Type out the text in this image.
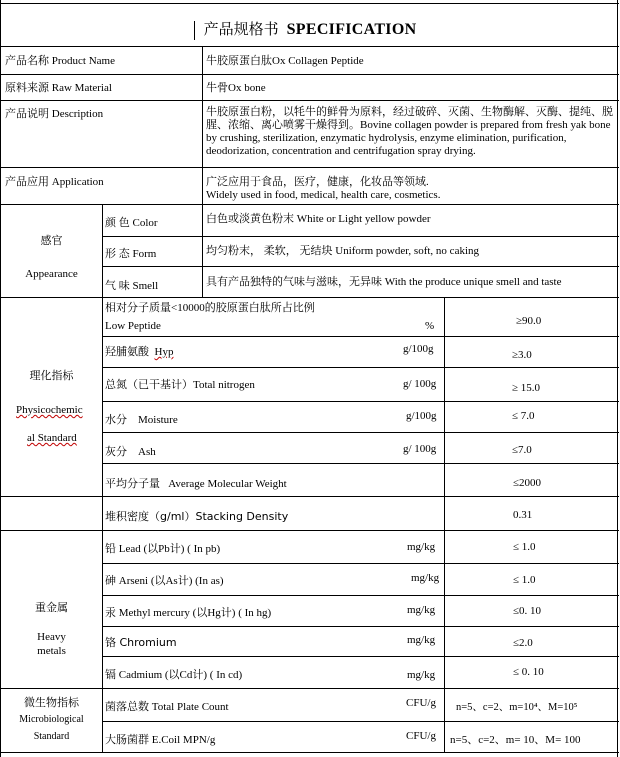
产品规格书 SPECIFICATION
产品名称 Product Name	牛胶原蛋白肽Ox Collagen Peptide
原料来源 Raw Material	牛骨Ox bone
产品说明 Description	牛胶原蛋白粉，以牦牛的鲜骨为原料，经过破碎、灭菌、生物酶解、灭酶、提纯、脱腥、浓缩、离心喷雾干燥得到。Bovine collagen powder is prepared from fresh yak bone by crushing, sterilization, enzymatic hydrolysis, enzyme elimination, purification, deodorization, concentration and centrifugation spray drying.
产品应用 Application	广泛应用于食品，医疗，健康，化妆品等领域.
Widely used in food, medical, health care, cosmetics.
感官
Appearance
颜 色 Color	白色或淡黄色粉末 White or Light yellow powder
形 态 Form	均匀粉末， 柔软， 无结块 Uniform powder, soft, no caking
气 味 Smell	具有产品独特的气味与滋味，无异味 With the produce unique smell and taste
理化指标
Physicochemic
al Standard
相对分子质量<10000的胶原蛋白肽所占比例
Low Peptide	%	≥90.0
羟脯氨酸 Hyp	g/100g	≥3.0
总氮（已干基计）Total nitrogen	g/ 100g	≥ 15.0
水分 Moisture	g/100g	≤ 7.0
灰分 Ash	g/ 100g	≤7.0
平均分子量 Average Molecular Weight	≤2000
堆积密度（g/ml）Stacking Density	0.31
重金属
Heavy
metals
铅 Lead (以Pb计) ( In pb)	mg/kg	≤ 1.0
砷 Arseni (以As计) (In as)	mg/kg	≤ 1.0
汞 Methyl mercury (以Hg计) ( In hg)	mg/kg	≤0. 10
铬 Chromium	mg/kg	≤2.0
镉 Cadmium (以Cd计) ( In cd)	mg/kg	≤ 0. 10
微生物指标
Microbiological
Standard
菌落总数 Total Plate Count	CFU/g n=5、c=2、m=10⁴、M=10⁵
大肠菌群 E.Coil MPN/g	CFU/g n=5、c=2、m= 10、M= 100
